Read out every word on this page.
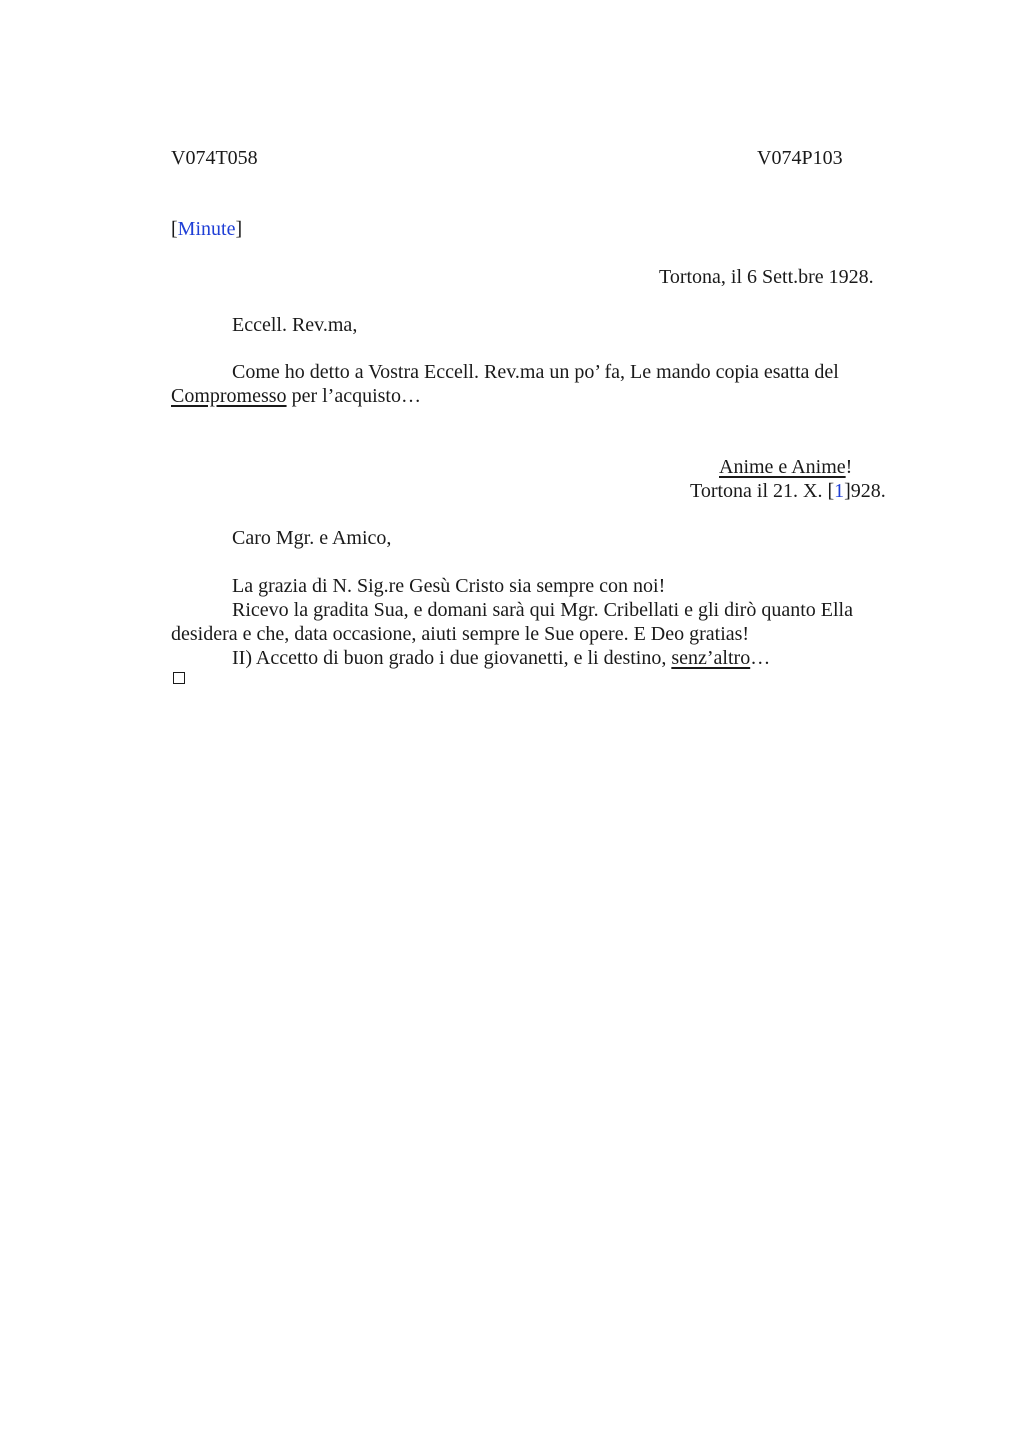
V074T058	V074P103
[Minute]
Tortona, il 6 Sett.bre 1928.
Eccell. Rev.ma,

Come ho detto a Vostra Eccell. Rev.ma un po’ fa, Le mando copia esatta del Compromesso per l’acquisto…

Anime e Anime!
Tortona il 21. X. [1]928.
Caro Mgr. e Amico,

La grazia di N. Sig.re Gesù Cristo sia sempre con noi!

Ricevo la gradita Sua, e domani sarà qui Mgr. Cribellati e gli dirò quanto Ella desidera e che, data occasione, aiuti sempre le Sue opere. E Deo gratias!

II) Accetto di buon grado i due giovanetti, e li destino, senz’altro…
